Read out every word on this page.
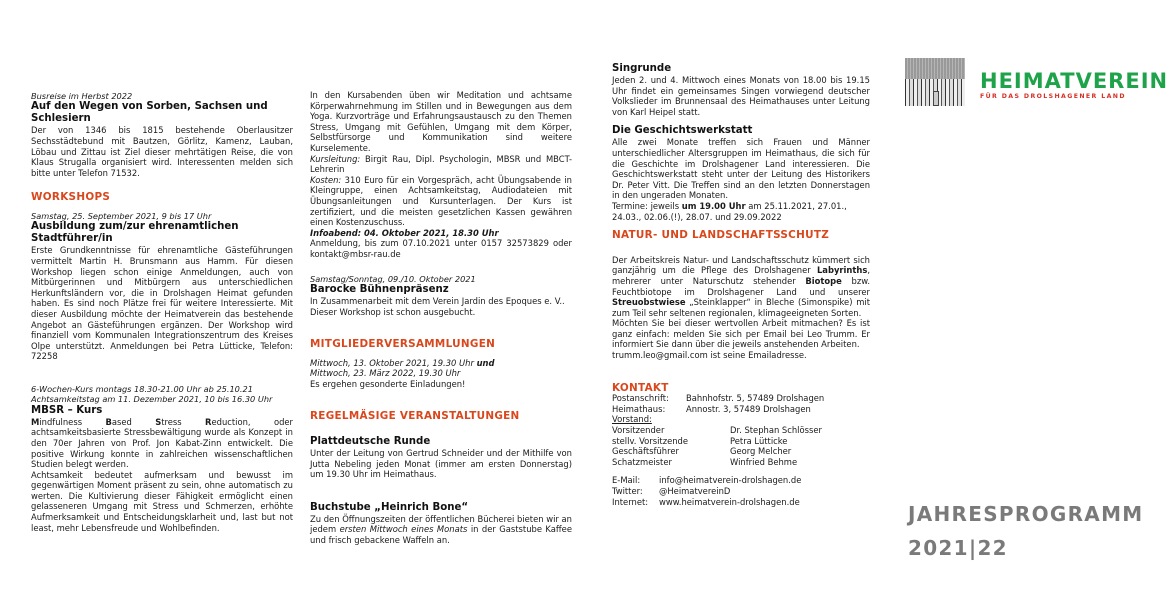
Busreise im Herbst 2022
Auf den Wegen von Sorben, Sachsen und Schlesiern
Der von 1346 bis 1815 bestehende Oberlausitzer Sechsstädtebund mit Bautzen, Görlitz, Kamenz, Lauban, Löbau und Zittau ist Ziel dieser mehrtätigen Reise, die von Klaus Strugalla organisiert wird. Interessenten melden sich bitte unter Telefon 71532.
WORKSHOPS
Samstag, 25. September 2021, 9 bis 17 Uhr
Ausbildung zum/zur ehrenamtlichen Stadtführer/in
Erste Grundkenntnisse für ehrenamtliche Gästeführungen vermittelt Martin H. Brunsmann aus Hamm. Für diesen Workshop liegen schon einige Anmeldungen, auch von Mitbürgerinnen und Mitbürgern aus unterschiedlichen Herkunftsländern vor, die in Drolshagen Heimat gefunden haben. Es sind noch Plätze frei für weitere Interessierte. Mit dieser Ausbildung möchte der Heimatverein das bestehende Angebot an Gästeführungen ergänzen. Der Workshop wird finanziell vom Kommunalen Integrationszentrum des Kreises Olpe unterstützt. Anmeldungen bei Petra Lütticke, Telefon: 72258
6-Wochen-Kurs montags 18.30-21.00 Uhr ab 25.10.21
Achtsamkeitstag am 11. Dezember 2021, 10 bis 16.30 Uhr
MBSR – Kurs
Mindfulness Based Stress Reduction, oder achtsamkeitsbasierte Stressbewältigung wurde als Konzept in den 70er Jahren von Prof. Jon Kabat-Zinn entwickelt. Die positive Wirkung konnte in zahlreichen wissenschaftlichen Studien belegt werden.
Achtsamkeit bedeutet aufmerksam und bewusst im gegenwärtigen Moment präsent zu sein, ohne automatisch zu werten. Die Kultivierung dieser Fähigkeit ermöglicht einen gelasseneren Umgang mit Stress und Schmerzen, erhöhte Aufmerksamkeit und Entscheidungsklarheit und, last but not least, mehr Lebensfreude und Wohlbefinden.
In den Kursabenden üben wir Meditation und achtsame Körperwahrnehmung im Stillen und in Bewegungen aus dem Yoga. Kurzvorträge und Erfahrungsaustausch zu den Themen Stress, Umgang mit Gefühlen, Umgang mit dem Körper, Selbstfürsorge und Kommunikation sind weitere Kurselemente.
Kursleitung: Birgit Rau, Dipl. Psychologin, MBSR und MBCT-Lehrerin
Kosten: 310 Euro für ein Vorgespräch, acht Übungsabende in Kleingruppe, einen Achtsamkeitstag, Audiodateien mit Übungsanleitungen und Kursunterlagen. Der Kurs ist zertifiziert, und die meisten gesetzlichen Kassen gewähren einen Kostenzuschuss.
Infoabend: 04. Oktober 2021, 18.30 Uhr
Anmeldung, bis zum 07.10.2021 unter 0157 32573829 oder kontakt@mbsr-rau.de
Samstag/Sonntag, 09./10. Oktober 2021
Barocke Bühnenpräsenz
In Zusammenarbeit mit dem Verein Jardin des Epoques e. V.. Dieser Workshop ist schon ausgebucht.
MITGLIEDERVERSAMMLUNGEN
Mittwoch, 13. Oktober 2021, 19.30 Uhr und
Mittwoch, 23. März 2022, 19.30 Uhr
Es ergehen gesonderte Einladungen!
REGELMÄSIGE VERANSTALTUNGEN
Plattdeutsche Runde
Unter der Leitung von Gertrud Schneider und der Mithilfe von Jutta Nebeling jeden Monat (immer am ersten Donnerstag) um 19.30 Uhr im Heimathaus.
Buchstube „Heinrich Bone“
Zu den Öffnungszeiten der öffentlichen Bücherei bieten wir an jedem ersten Mittwoch eines Monats in der Gaststube Kaffee und frisch gebackene Waffeln an.
Singrunde
Jeden 2. und 4. Mittwoch eines Monats von 18.00 bis 19.15 Uhr findet ein gemeinsames Singen vorwiegend deutscher Volkslieder im Brunnensaal des Heimathauses unter Leitung von Karl Heipel statt.
Die Geschichtswerkstatt
Alle zwei Monate treffen sich Frauen und Männer unterschiedlicher Altersgruppen im Heimathaus, die sich für die Geschichte im Drolshagener Land interessieren. Die Geschichtswerkstatt steht unter der Leitung des Historikers Dr. Peter Vitt. Die Treffen sind an den letzten Donnerstagen in den ungeraden Monaten.
Termine: jeweils um 19.00 Uhr am 25.11.2021, 27.01., 24.03., 02.06.(!), 28.07. und 29.09.2022
NATUR- UND LANDSCHAFTSSCHUTZ
Der Arbeitskreis Natur- und Landschaftsschutz kümmert sich ganzjährig um die Pflege des Drolshagener Labyrinths, mehrerer unter Naturschutz stehender Biotope bzw. Feuchtbiotope im Drolshagener Land und unserer Streuobstwiese „Steinklapper“ in Bleche (Simonspike) mit zum Teil sehr seltenen regionalen, klimageeigneten Sorten.
Möchten Sie bei dieser wertvollen Arbeit mitmachen? Es ist ganz einfach: melden Sie sich per Email bei Leo Trumm. Er informiert Sie dann über die jeweils anstehenden Arbeiten.
trumm.leo@gmail.com ist seine Emailadresse.
KONTAKT
Postanschrift:	Bahnhofstr. 5, 57489 Drolshagen
Heimathaus:	Annostr. 3, 57489 Drolshagen
Vorstand:
Vorsitzender	Dr. Stephan Schlösser
stellv. Vorsitzende	Petra Lütticke
Geschäftsführer	Georg Melcher
Schatzmeister	Winfried Behme
E-Mail:	info@heimatverein-drolshagen.de
Twitter:	@HeimatvereinD
Internet:	www.heimatverein-drolshagen.de
HEIMATVEREIN
FÜR DAS DROLSHAGENER LAND
JAHRESPROGRAMM
2021|22
